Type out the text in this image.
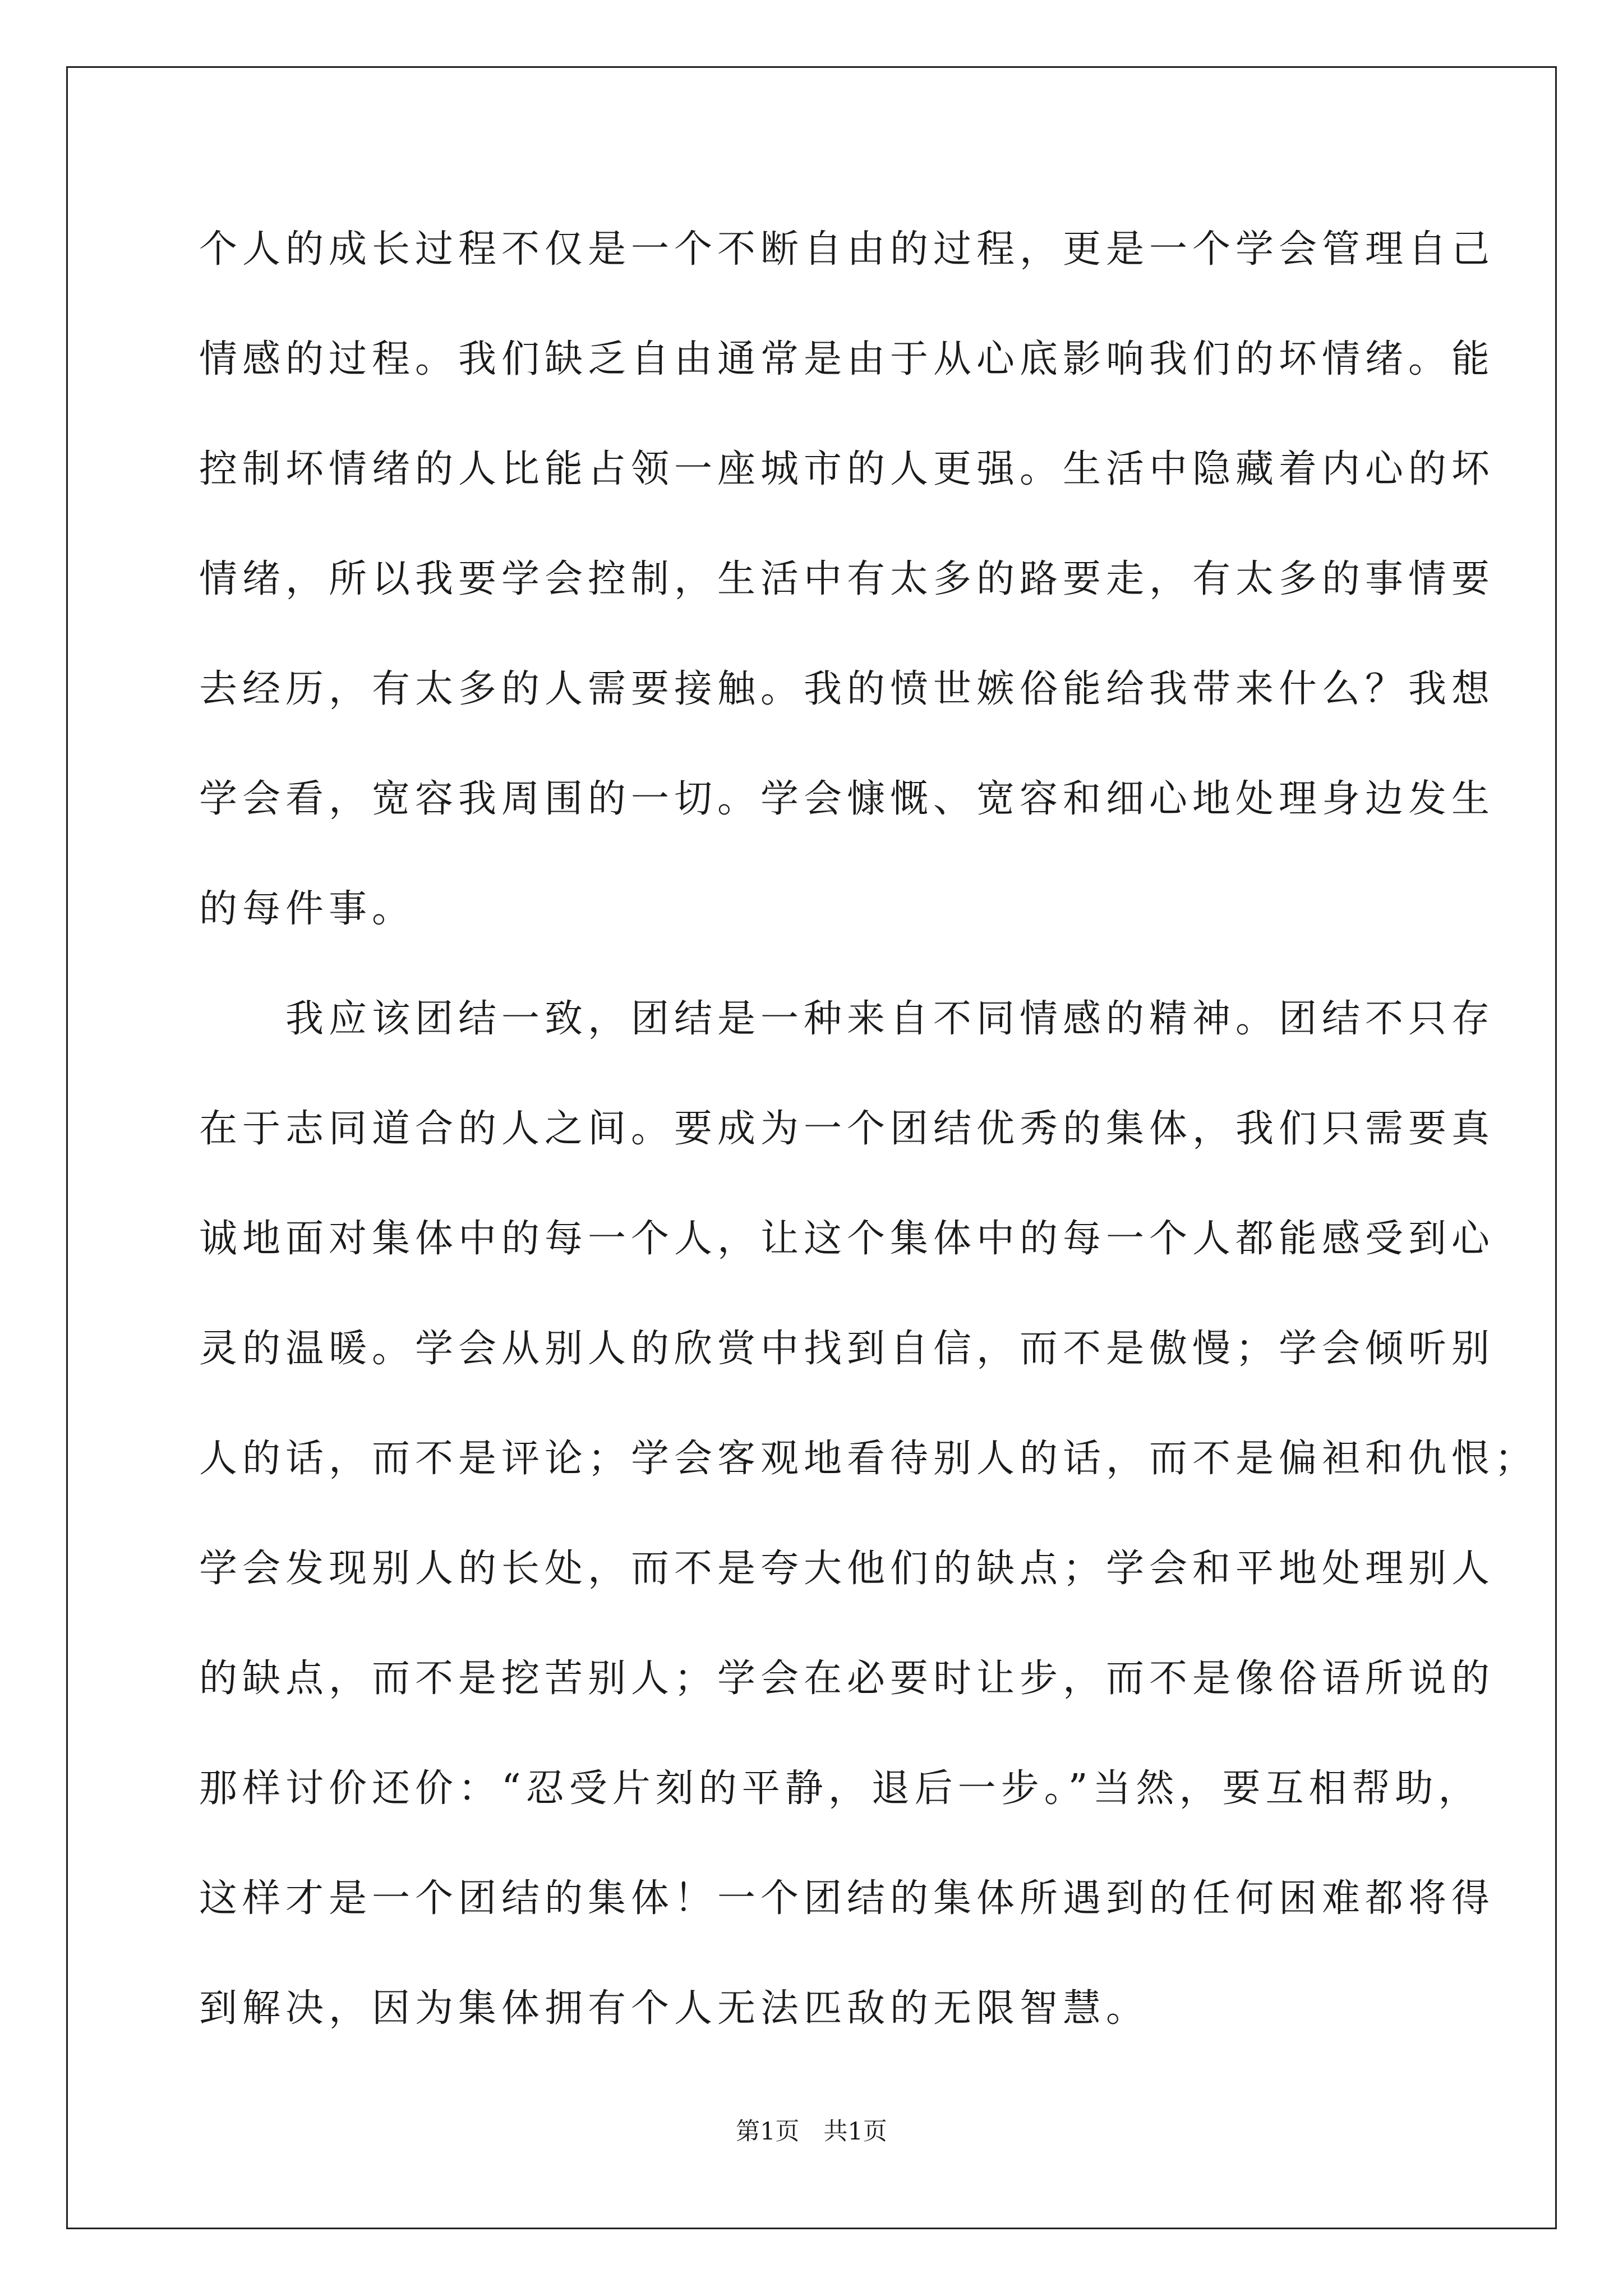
个人的成长过程不仅是一个不断自由的过程，更是一个学会管理自己
情感的过程。我们缺乏自由通常是由于从心底影响我们的坏情绪。能
控制坏情绪的人比能占领一座城市的人更强。生活中隐藏着内心的坏
情绪，所以我要学会控制，生活中有太多的路要走，有太多的事情要
去经历，有太多的人需要接触。我的愤世嫉俗能给我带来什么？我想
学会看，宽容我周围的一切。学会慷慨、宽容和细心地处理身边发生
的每件事。
　　我应该团结一致，团结是一种来自不同情感的精神。团结不只存
在于志同道合的人之间。要成为一个团结优秀的集体，我们只需要真
诚地面对集体中的每一个人，让这个集体中的每一个人都能感受到心
灵的温暖。学会从别人的欣赏中找到自信，而不是傲慢；学会倾听别
人的话，而不是评论；学会客观地看待别人的话，而不是偏袒和仇恨；
学会发现别人的长处，而不是夸大他们的缺点；学会和平地处理别人
的缺点，而不是挖苦别人；学会在必要时让步，而不是像俗语所说的
那样讨价还价：“忍受片刻的平静，退后一步。”当然，要互相帮助，
这样才是一个团结的集体！一个团结的集体所遇到的任何困难都将得
到解决，因为集体拥有个人无法匹敌的无限智慧。
第1页　共1页
